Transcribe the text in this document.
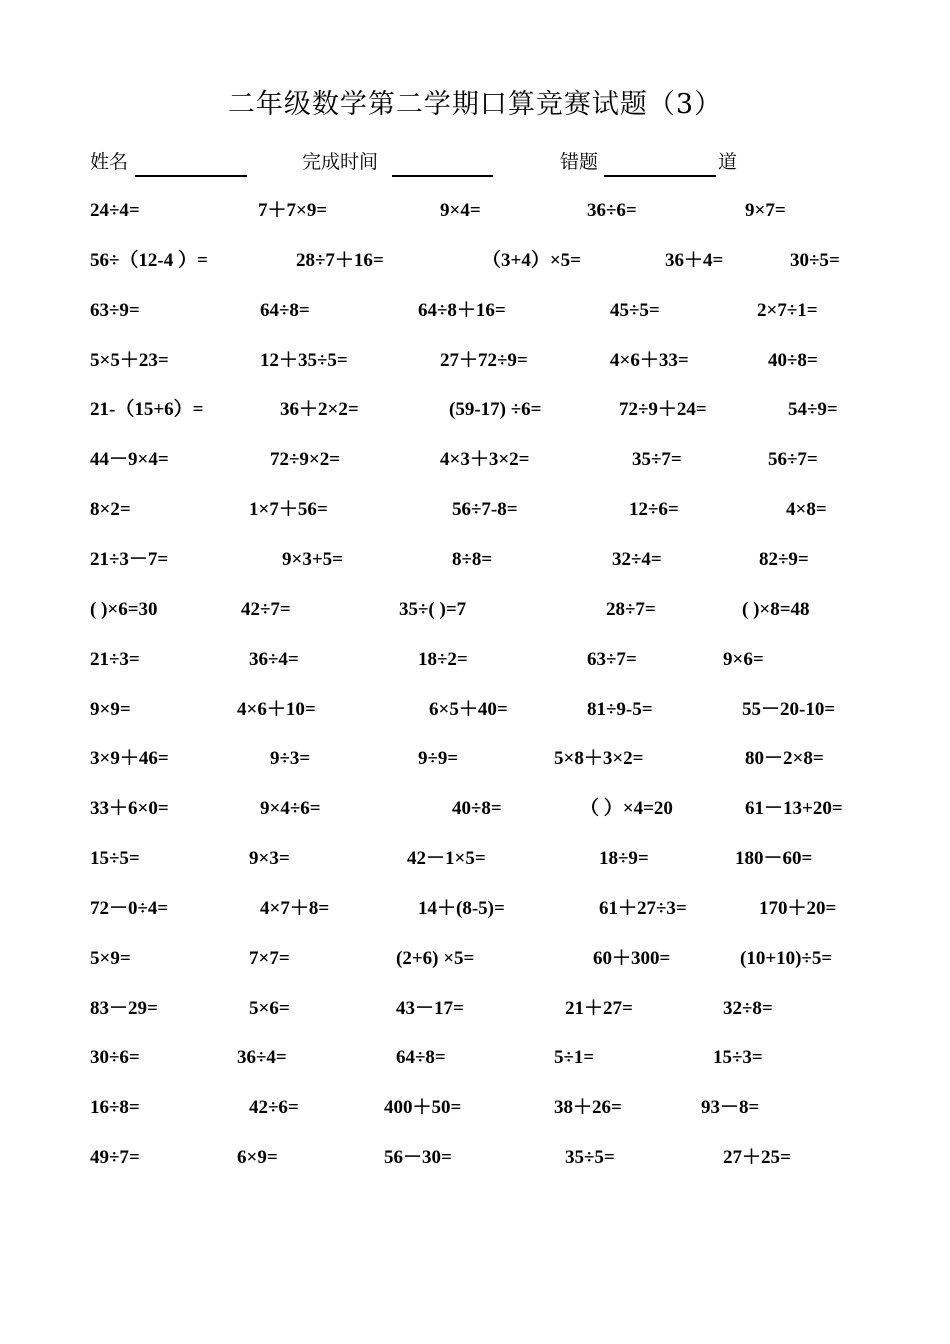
二年级数学第二学期口算竞赛试题（3）
姓名	完成时间	错题	道
24÷4=	7＋7×9=	9×4=	36÷6=	9×7=
56÷（12-4 ）=	28÷7＋16=	（3+4）×5=	36＋4=	30÷5=
63÷9=	64÷8=	64÷8＋16=	45÷5=	2×7÷1=
5×5＋23=	12＋35÷5=	27＋72÷9=	4×6＋33=	40÷8=
21-（15+6）=	36＋2×2=	(59-17) ÷6=	72÷9＋24=	54÷9=
44－9×4=	72÷9×2=	4×3＋3×2=	35÷7=	56÷7=
8×2=	1×7＋56=	56÷7-8=	12÷6=	4×8=
21÷3－7=	9×3+5=	8÷8=	32÷4=	82÷9=
( )×6=30	42÷7=	35÷( )=7	28÷7=	( )×8=48
21÷3=	36÷4=	18÷2=	63÷7=	9×6=
9×9=	4×6＋10=	6×5＋40=	81÷9-5=	55－20-10=
3×9＋46=	9÷3=	9÷9=	5×8＋3×2=	80－2×8=
33＋6×0=	9×4÷6=	40÷8=	（ ）×4=20	61－13+20=
15÷5=	9×3=	42－1×5=	18÷9=	180－60=
72－0÷4=	4×7＋8=	14＋(8-5)=	61＋27÷3=	170＋20=
5×9=	7×7=	(2+6) ×5=	60＋300=	(10+10)÷5=
83－29=	5×6=	43－17=	21＋27=	32÷8=
30÷6=	36÷4=	64÷8=	5÷1=	15÷3=
16÷8=	42÷6=	400＋50=	38＋26=	93－8=
49÷7=	6×9=	56－30=	35÷5=	27＋25=
